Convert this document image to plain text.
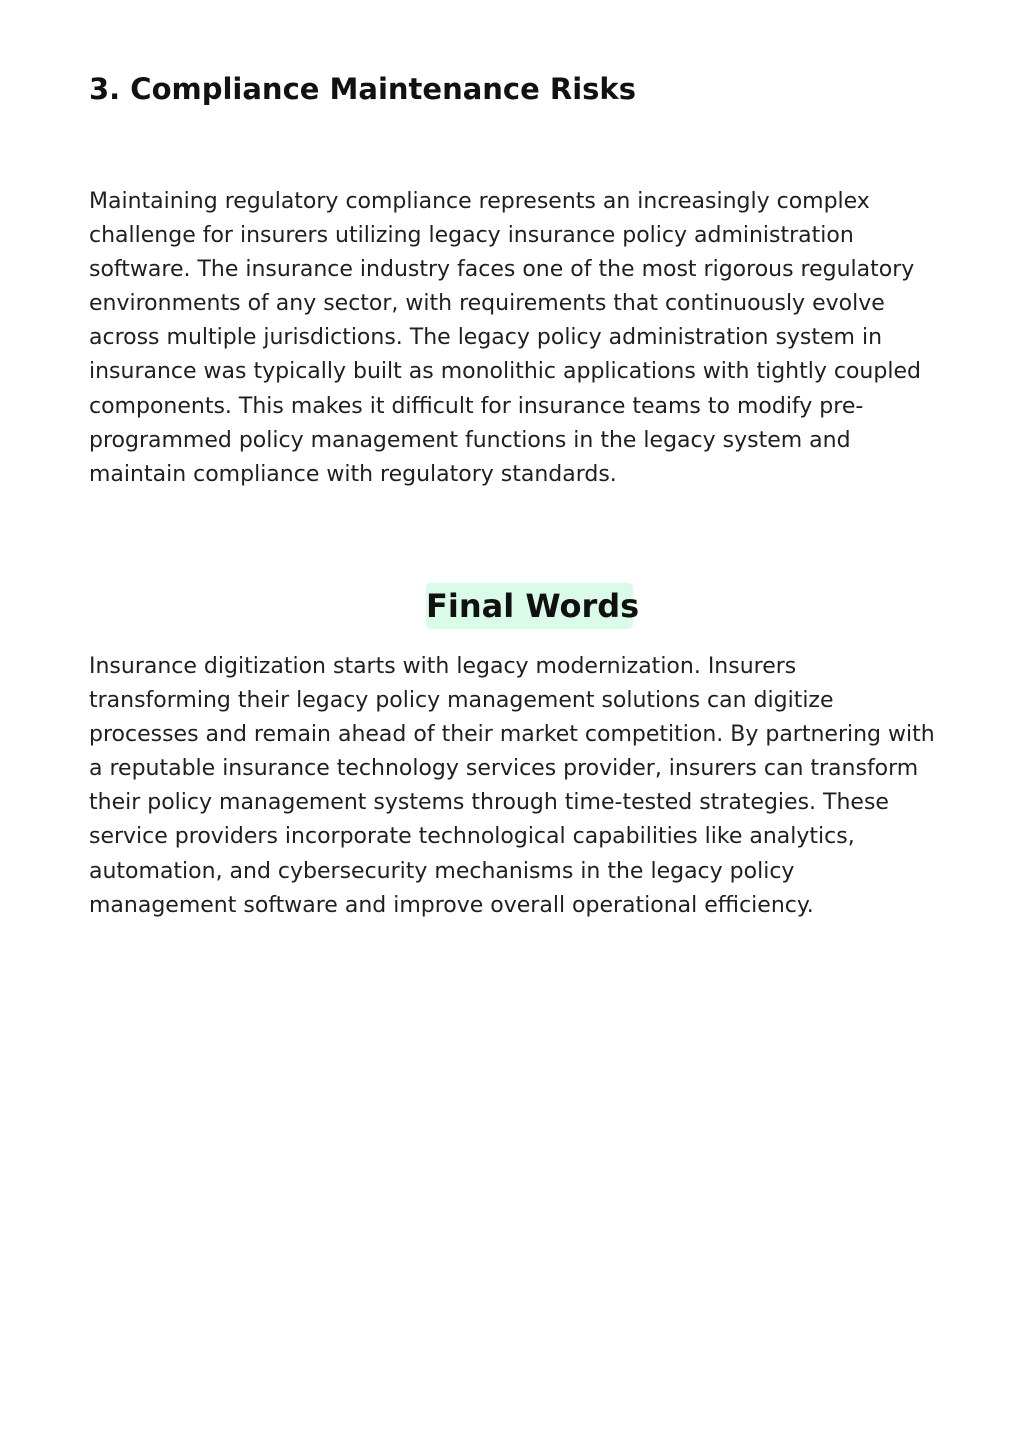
3. Compliance Maintenance Risks

Maintaining regulatory compliance represents an increasingly complex
challenge for insurers utilizing legacy insurance policy administration
software. The insurance industry faces one of the most rigorous regulatory
environments of any sector, with requirements that continuously evolve
across multiple jurisdictions. The legacy policy administration system in
insurance was typically built as monolithic applications with tightly coupled
components. This makes it difficult for insurance teams to modify pre-
programmed policy management functions in the legacy system and
maintain compliance with regulatory standards.

Final Words

Insurance digitization starts with legacy modernization. Insurers
transforming their legacy policy management solutions can digitize
processes and remain ahead of their market competition. By partnering with
a reputable insurance technology services provider, insurers can transform
their policy management systems through time-tested strategies. These
service providers incorporate technological capabilities like analytics,
automation, and cybersecurity mechanisms in the legacy policy
management software and improve overall operational efficiency.
